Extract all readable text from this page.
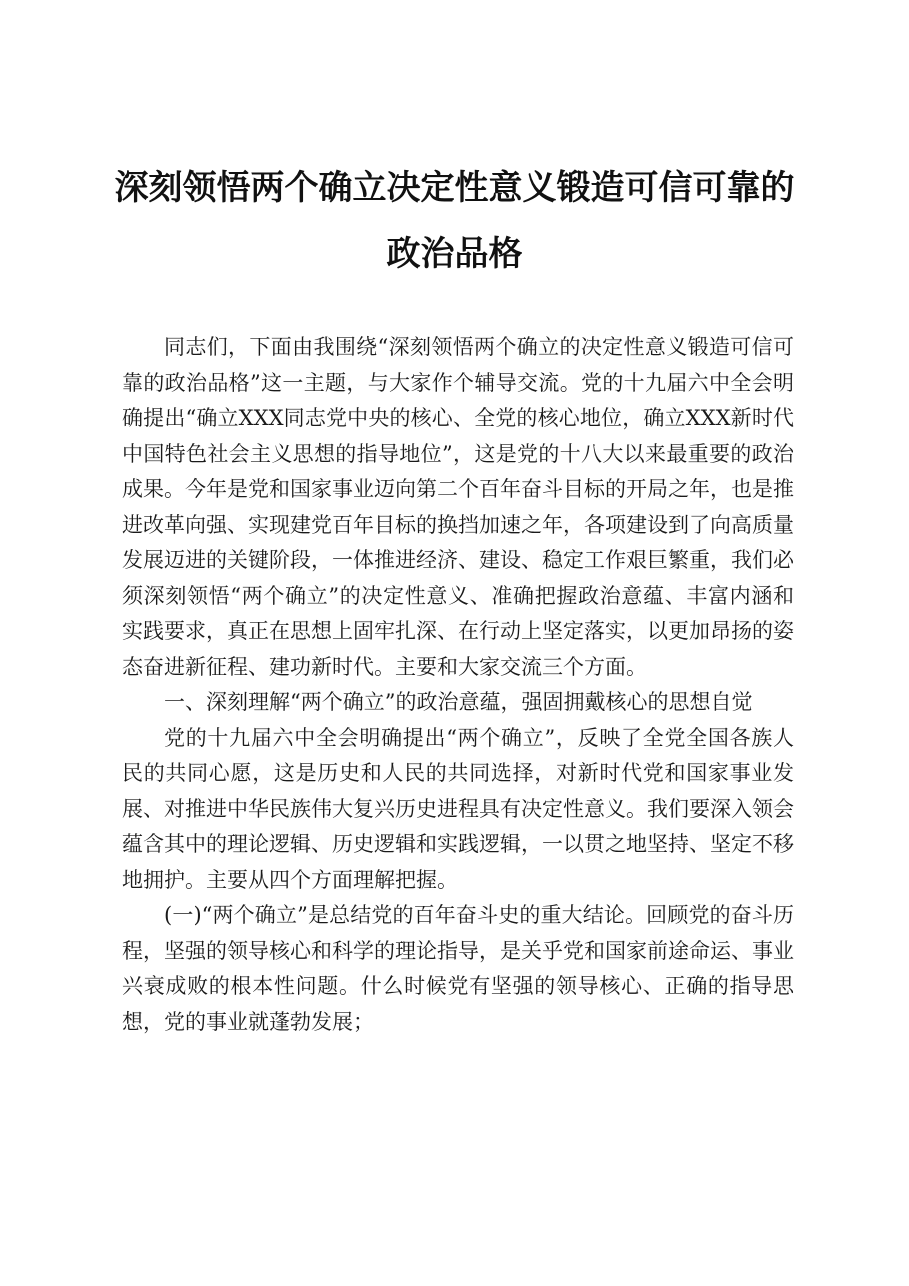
深刻领悟两个确立决定性意义锻造可信可靠的
政治品格

同志们，下面由我围绕“深刻领悟两个确立的决定性意义锻造可信可靠的政治品格”这一主题，与大家作个辅导交流。党的十九届六中全会明确提出“确立XXX同志党中央的核心、全党的核心地位，确立XXX新时代中国特色社会主义思想的指导地位”，这是党的十八大以来最重要的政治成果。今年是党和国家事业迈向第二个百年奋斗目标的开局之年，也是推进改革向强、实现建党百年目标的换挡加速之年，各项建设到了向高质量发展迈进的关键阶段，一体推进经济、建设、稳定工作艰巨繁重，我们必须深刻领悟“两个确立”的决定性意义、准确把握政治意蕴、丰富内涵和实践要求，真正在思想上固牢扎深、在行动上坚定落实，以更加昂扬的姿态奋进新征程、建功新时代。主要和大家交流三个方面。

一、深刻理解“两个确立”的政治意蕴，强固拥戴核心的思想自觉

党的十九届六中全会明确提出“两个确立”，反映了全党全国各族人民的共同心愿，这是历史和人民的共同选择，对新时代党和国家事业发展、对推进中华民族伟大复兴历史进程具有决定性意义。我们要深入领会蕴含其中的理论逻辑、历史逻辑和实践逻辑，一以贯之地坚持、坚定不移地拥护。主要从四个方面理解把握。

(一)“两个确立”是总结党的百年奋斗史的重大结论。回顾党的奋斗历程，坚强的领导核心和科学的理论指导，是关乎党和国家前途命运、事业兴衰成败的根本性问题。什么时候党有坚强的领导核心、正确的指导思想，党的事业就蓬勃发展；
